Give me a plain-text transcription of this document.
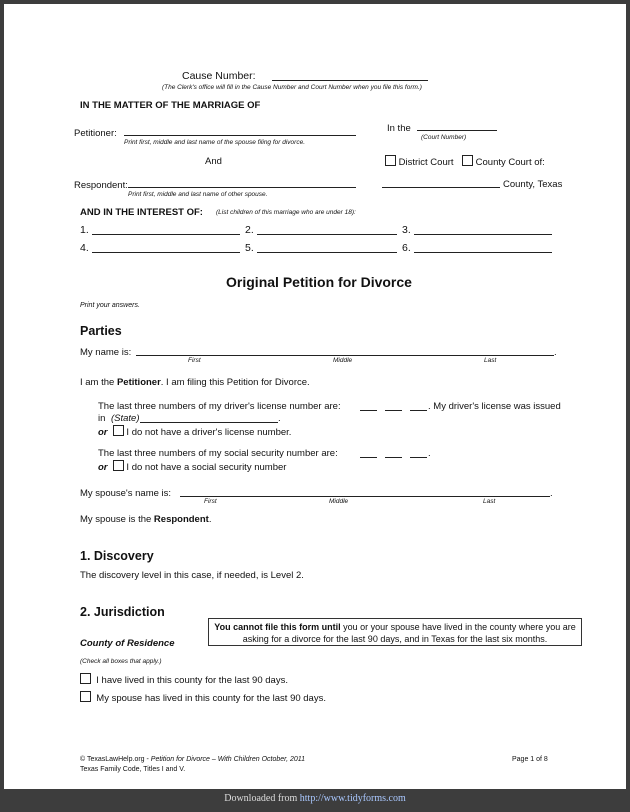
Cause Number:
(The Clerk's office will fill in the Cause Number and Court Number when you file this form.)
IN THE MATTER OF THE MARRIAGE OF
Petitioner:
Print first, middle and last name of the spouse filing for divorce.
In the
(Court Number)
And	District Court	County Court of:
Respondent:
Print first, middle and last name of other spouse.
County, Texas
AND IN THE INTEREST OF: (List children of this marriage who are under 18):
1.	2.	3.
4.	5.	6.
Original Petition for Divorce
Print your answers.
Parties
My name is:	.
First	Middle	Last
I am the Petitioner. I am filing this Petition for Divorce.
The last three numbers of my driver's license number are:	. My driver's license was issued
in (State)	.
or I do not have a driver's license number.
The last three numbers of my social security number are:	.
or I do not have a social security number
My spouse's name is:	.
First	Middle	Last
My spouse is the Respondent.
1. Discovery
The discovery level in this case, if needed, is Level 2.
2. Jurisdiction
You cannot file this form until you or your spouse have lived in the county where you are asking for a divorce for the last 90 days, and in Texas for the last six months.
County of Residence
(Check all boxes that apply.)
I have lived in this county for the last 90 days.
My spouse has lived in this county for the last 90 days.
© TexasLawHelp.org - Petition for Divorce – With Children October, 2011
Texas Family Code, Titles I and V.
Page 1 of 8
Downloaded from http://www.tidyforms.com
